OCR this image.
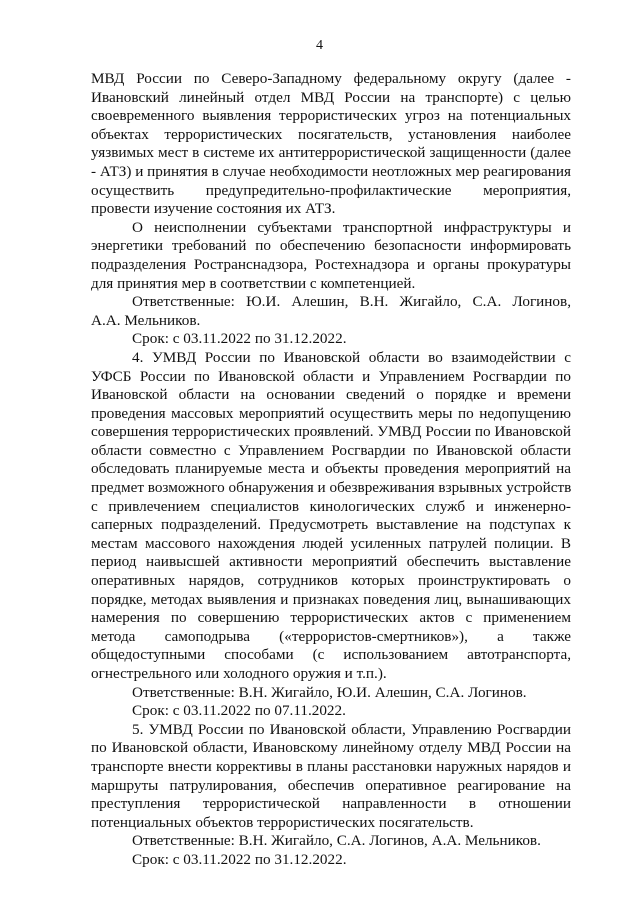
4
МВД России по Северо-Западному федеральному округу (далее -
Ивановский линейный отдел МВД России на транспорте) с целью
своевременного выявления террористических угроз на потенциальных
объектах террористических посягательств, установления наиболее
уязвимых мест в системе их антитеррористической защищенности (далее
- АТЗ) и принятия в случае необходимости неотложных мер реагирования
осуществить предупредительно-профилактические мероприятия,
провести изучение состояния их АТЗ.
О неисполнении субъектами транспортной инфраструктуры и
энергетики требований по обеспечению безопасности информировать
подразделения Ространснадзора, Ростехнадзора и органы прокуратуры
для принятия мер в соответствии с компетенцией.
Ответственные: Ю.И. Алешин, В.Н. Жигайло, С.А. Логинов,
А.А. Мельников.
Срок: с 03.11.2022 по 31.12.2022.
4. УМВД России по Ивановской области во взаимодействии с
УФСБ России по Ивановской области и Управлением Росгвардии по
Ивановской области на основании сведений о порядке и времени
проведения массовых мероприятий осуществить меры по недопущению
совершения террористических проявлений. УМВД России по Ивановской
области совместно с Управлением Росгвардии по Ивановской области
обследовать планируемые места и объекты проведения мероприятий на
предмет возможного обнаружения и обезвреживания взрывных устройств
с привлечением специалистов кинологических служб и инженерно-
саперных подразделений. Предусмотреть выставление на подступах к
местам массового нахождения людей усиленных патрулей полиции. В
период наивысшей активности мероприятий обеспечить выставление
оперативных нарядов, сотрудников которых проинструктировать о
порядке, методах выявления и признаках поведения лиц, вынашивающих
намерения по совершению террористических актов с применением
метода самоподрыва («террористов-смертников»), а также
общедоступными способами (с использованием автотранспорта,
огнестрельного или холодного оружия и т.п.).
Ответственные: В.Н. Жигайло, Ю.И. Алешин, С.А. Логинов.
Срок: с 03.11.2022 по 07.11.2022.
5. УМВД России по Ивановской области, Управлению Росгвардии
по Ивановской области, Ивановскому линейному отделу МВД России на
транспорте внести коррективы в планы расстановки наружных нарядов и
маршруты патрулирования, обеспечив оперативное реагирование на
преступления террористической направленности в отношении
потенциальных объектов террористических посягательств.
Ответственные: В.Н. Жигайло, С.А. Логинов, А.А. Мельников.
Срок: с 03.11.2022 по 31.12.2022.
